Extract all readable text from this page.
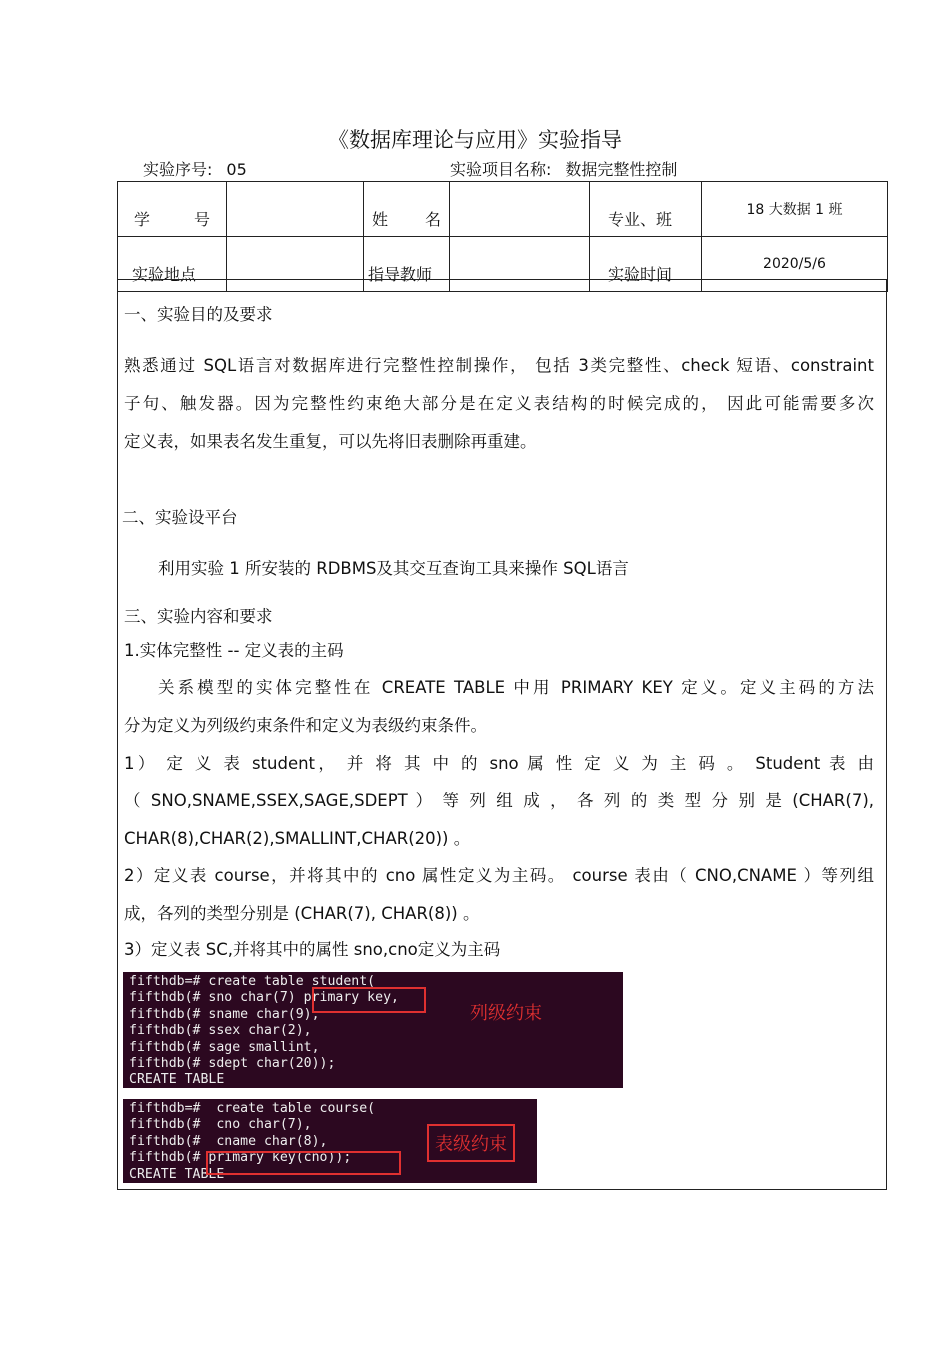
《数据库理论与应用》实验指导
实验序号: 05	实验项目名称: 数据完整性控制
学 号		姓 名		专业、班	18 大数据 1 班
实验地点		指导教师		实验时间	2020/5/6
一、实验目的及要求
熟悉通过 SQL语言对数据库进行完整性控制操作， 包括 3类完整性、check 短语、constraint
子句、触发器。因为完整性约束绝大部分是在定义表结构的时候完成的， 因此可能需要多次
定义表，如果表名发生重复，可以先将旧表删除再重建。
二、实验设平台
利用实验 1 所安装的 RDBMS及其交互查询工具来操作 SQL语言
三、实验内容和要求
1.实体完整性 -- 定义表的主码
关系模型的实体完整性在 CREATE TABLE 中用 PRIMARY KEY 定义。定义主码的方法
分为定义为列级约束条件和定义为表级约束条件。
1） 定 义 表 student， 并 将 其 中 的 sno 属 性 定 义 为 主 码 。 Student 表 由
（ SNO,SNAME,SSEX,SAGE,SDEPT ） 等 列 组 成 ， 各 列 的 类 型 分 别 是 (CHAR(7),
CHAR(8),CHAR(2),SMALLINT,CHAR(20)) 。
2）定义表 course，并将其中的 cno 属性定义为主码。 course 表由（ CNO,CNAME ）等列组
成，各列的类型分别是 (CHAR(7), CHAR(8)) 。
3）定义表 SC,并将其中的属性 sno,cno定义为主码
fifthdb=# create table student(
fifthdb(# sno char(7) primary key,
fifthdb(# sname char(9),
fifthdb(# ssex char(2),
fifthdb(# sage smallint,
fifthdb(# sdept char(20));
CREATE TABLE
列级约束
fifthdb=#  create table course(
fifthdb(#  cno char(7),
fifthdb(#  cname char(8),
fifthdb(# primary key(cno));
CREATE TABLE
表级约束
